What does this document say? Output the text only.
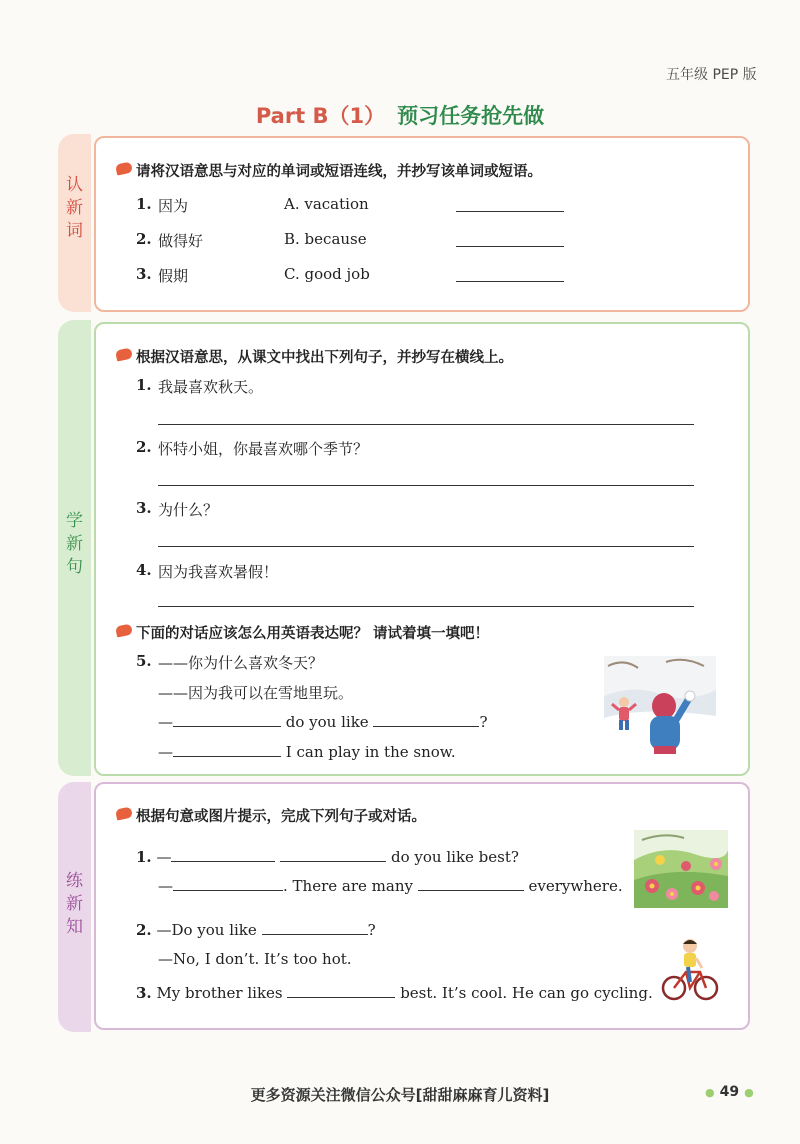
五年级 PEP 版
Part B（1） 预习任务抢先做
认
新
词
学
新
句
练
新
知
请将汉语意思与对应的单词或短语连线，并抄写该单词或短语。
1. 因为	A. vacation
2. 做得好	B. because
3. 假期	C. good job
根据汉语意思，从课文中找出下列句子，并抄写在横线上。
1. 我最喜欢秋天。
2. 怀特小姐，你最喜欢哪个季节？
3. 为什么？
4. 因为我喜欢暑假！
下面的对话应该怎么用英语表达呢？ 请试着填一填吧！
5. ——你为什么喜欢冬天？
——因为我可以在雪地里玩。
—	do you like	?
—	I can play in the snow.
根据句意或图片提示，完成下列句子或对话。
1. —	do you like best?
—	. There are many	everywhere.
2. —Do you like	?
—No, I don’t. It’s too hot.
3. My brother likes	best. It’s cool. He can go cycling.
更多资源关注微信公众号[甜甜麻麻育儿资料]	● 49 ●
